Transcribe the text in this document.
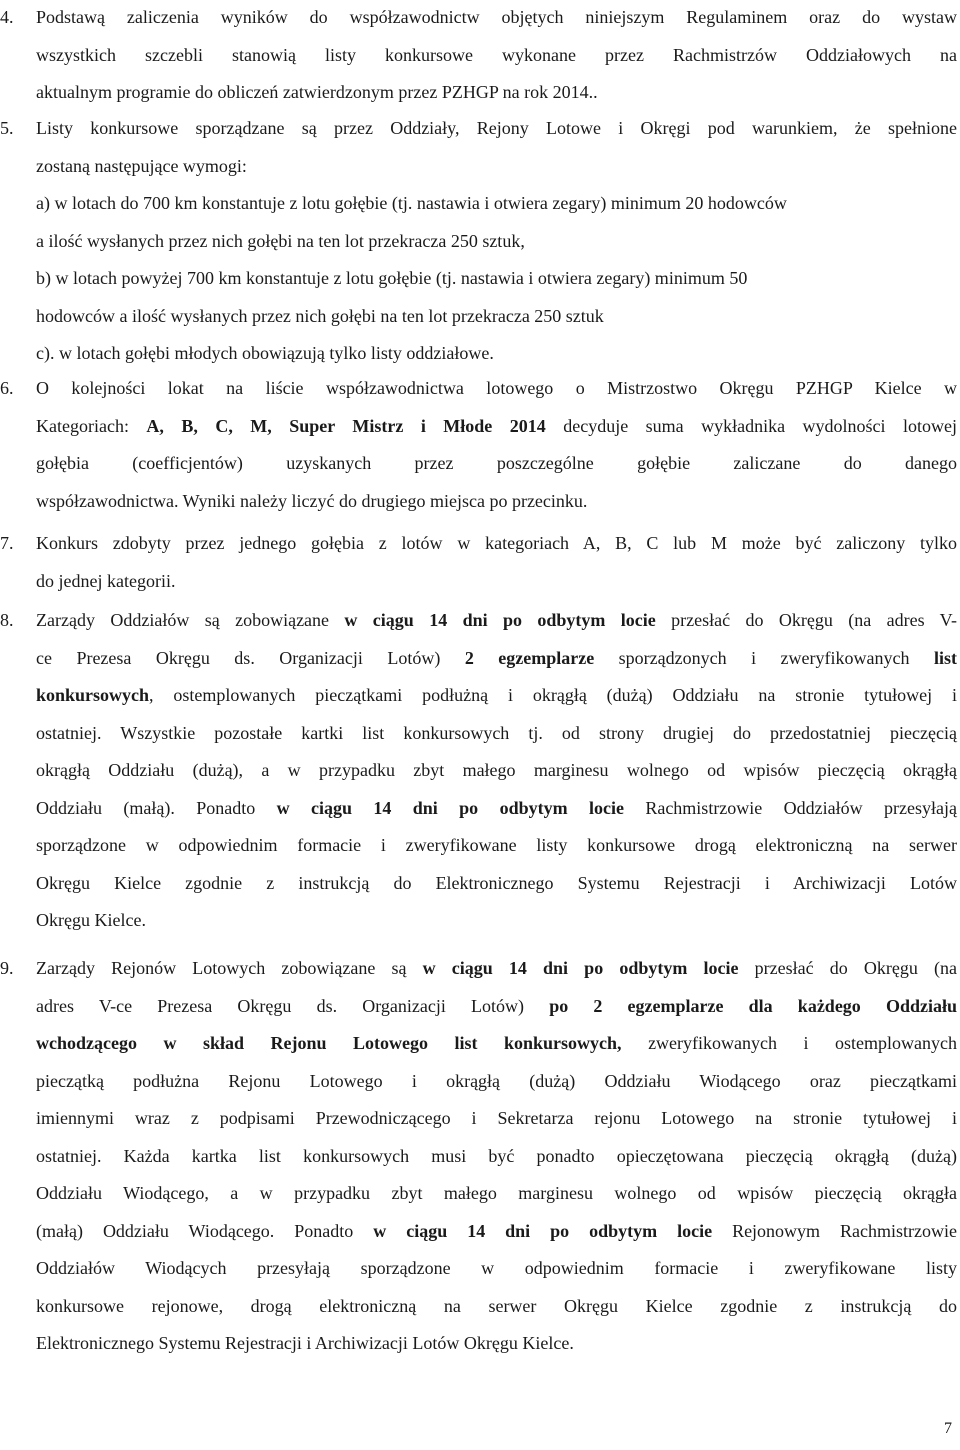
4. Podstawą zaliczenia wyników do współzawodnictw objętych niniejszym Regulaminem oraz do wystaw
wszystkich szczebli stanowią listy konkursowe wykonane przez Rachmistrzów Oddziałowych na
aktualnym programie do obliczeń zatwierdzonym przez PZHGP na rok 2014..
5. Listy konkursowe sporządzane są przez Oddziały, Rejony Lotowe i Okręgi pod warunkiem, że spełnione
zostaną następujące wymogi:
a) w lotach do 700 km konstantuje z lotu gołębie (tj. nastawia i otwiera zegary) minimum 20 hodowców
a ilość wysłanych przez nich gołębi na ten lot przekracza 250 sztuk,
b) w lotach powyżej 700 km konstantuje z lotu gołębie (tj. nastawia i otwiera zegary) minimum 50
hodowców a ilość wysłanych przez nich gołębi na ten lot przekracza 250 sztuk
c). w lotach gołębi młodych obowiązują tylko listy oddziałowe.
6. O kolejności lokat na liście współzawodnictwa lotowego o Mistrzostwo Okręgu PZHGP Kielce w
Kategoriach: A, B, C, M, Super Mistrz i Młode 2014 decyduje suma wykładnika wydolności lotowej
gołębia (coefficjentów) uzyskanych przez poszczególne gołębie zaliczane do danego
współzawodnictwa. Wyniki należy liczyć do drugiego miejsca po przecinku.
7. Konkurs zdobyty przez jednego gołębia z lotów w kategoriach A, B, C lub M może być zaliczony tylko
do jednej kategorii.
8. Zarządy Oddziałów są zobowiązane w ciągu 14 dni po odbytym locie przesłać do Okręgu (na adres V-
ce Prezesa Okręgu ds. Organizacji Lotów) 2 egzemplarze sporządzonych i zweryfikowanych list
konkursowych, ostemplowanych pieczątkami podłużną i okrągłą (dużą) Oddziału na stronie tytułowej i
ostatniej. Wszystkie pozostałe kartki list konkursowych tj. od strony drugiej do przedostatniej pieczęcią
okrągłą Oddziału (dużą), a w przypadku zbyt małego marginesu wolnego od wpisów pieczęcią okrągłą
Oddziału (małą). Ponadto w ciągu 14 dni po odbytym locie Rachmistrzowie Oddziałów przesyłają
sporządzone w odpowiednim formacie i zweryfikowane listy konkursowe drogą elektroniczną na serwer
Okręgu Kielce zgodnie z instrukcją do Elektronicznego Systemu Rejestracji i Archiwizacji Lotów
Okręgu Kielce.
9. Zarządy Rejonów Lotowych zobowiązane są w ciągu 14 dni po odbytym locie przesłać do Okręgu (na
adres V-ce Prezesa Okręgu ds. Organizacji Lotów) po 2 egzemplarze dla każdego Oddziału
wchodzącego w skład Rejonu Lotowego list konkursowych, zweryfikowanych i ostemplowanych
pieczątką podłużna Rejonu Lotowego i okrągłą (dużą) Oddziału Wiodącego oraz pieczątkami
imiennymi wraz z podpisami Przewodniczącego i Sekretarza rejonu Lotowego na stronie tytułowej i
ostatniej. Każda kartka list konkursowych musi być ponadto opieczętowana pieczęcią okrągłą (dużą)
Oddziału Wiodącego, a w przypadku zbyt małego marginesu wolnego od wpisów pieczęcią okrągła
(małą) Oddziału Wiodącego. Ponadto w ciągu 14 dni po odbytym locie Rejonowym Rachmistrzowie
Oddziałów Wiodących przesyłają sporządzone w odpowiednim formacie i zweryfikowane listy
konkursowe rejonowe, drogą elektroniczną na serwer Okręgu Kielce zgodnie z instrukcją do
Elektronicznego Systemu Rejestracji i Archiwizacji Lotów Okręgu Kielce.
7
